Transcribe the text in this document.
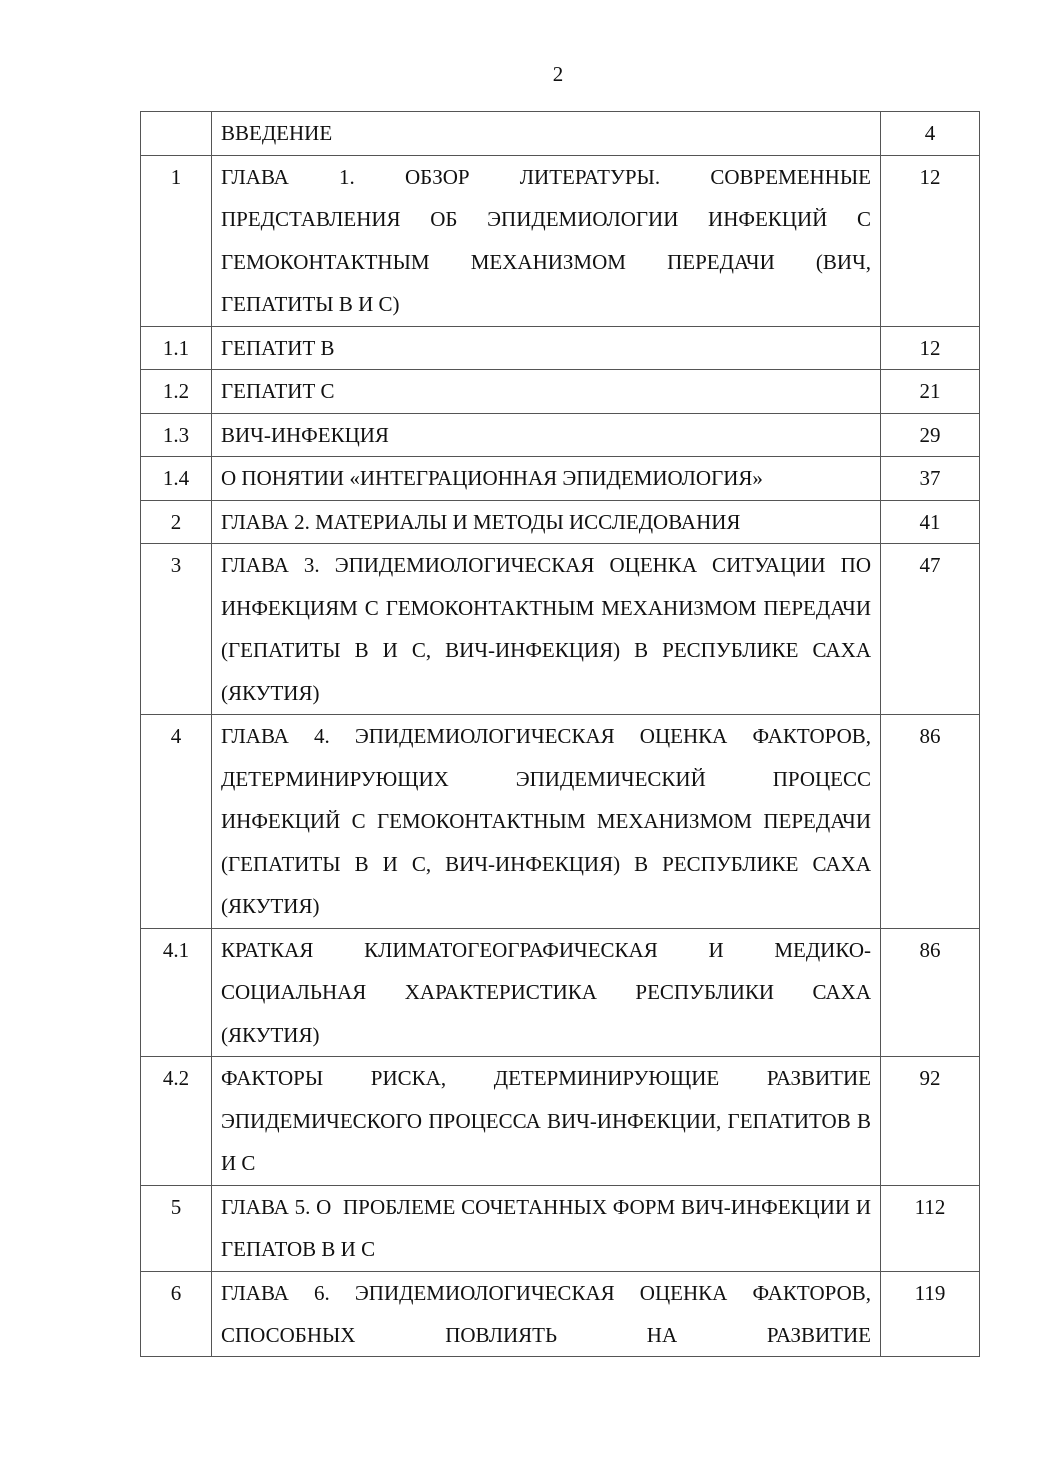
2
	ВВЕДЕНИЕ	4
1	ГЛАВА 1. ОБЗОР ЛИТЕРАТУРЫ. СОВРЕМЕННЫЕ ПРЕДСТАВЛЕНИЯ ОБ ЭПИДЕМИОЛОГИИ ИНФЕКЦИЙ С ГЕМОКОНТАКТНЫМ МЕХАНИЗМОМ ПЕРЕДАЧИ (ВИЧ, ГЕПАТИТЫ В И С)	12
1.1	ГЕПАТИТ В	12
1.2	ГЕПАТИТ С	21
1.3	ВИЧ-ИНФЕКЦИЯ	29
1.4	О ПОНЯТИИ «ИНТЕГРАЦИОННАЯ ЭПИДЕМИОЛОГИЯ»	37
2	ГЛАВА 2. МАТЕРИАЛЫ И МЕТОДЫ ИССЛЕДОВАНИЯ	41
3	ГЛАВА 3. ЭПИДЕМИОЛОГИЧЕСКАЯ ОЦЕНКА СИТУАЦИИ ПО ИНФЕКЦИЯМ С ГЕМОКОНТАКТНЫМ МЕХАНИЗМОМ ПЕРЕДАЧИ (ГЕПАТИТЫ В И С, ВИЧ-ИНФЕКЦИЯ) В РЕСПУБЛИКЕ САХА (ЯКУТИЯ)	47
4	ГЛАВА 4. ЭПИДЕМИОЛОГИЧЕСКАЯ ОЦЕНКА ФАКТОРОВ, ДЕТЕРМИНИРУЮЩИХ ЭПИДЕМИЧЕСКИЙ ПРОЦЕСС ИНФЕКЦИЙ С ГЕМОКОНТАКТНЫМ МЕХАНИЗМОМ ПЕРЕДАЧИ (ГЕПАТИТЫ В И С, ВИЧ-ИНФЕКЦИЯ) В РЕСПУБЛИКЕ САХА (ЯКУТИЯ)	86
4.1	КРАТКАЯ КЛИМАТОГЕОГРАФИЧЕСКАЯ И МЕДИКО-СОЦИАЛЬНАЯ ХАРАКТЕРИСТИКА РЕСПУБЛИКИ САХА (ЯКУТИЯ)	86
4.2	ФАКТОРЫ РИСКА, ДЕТЕРМИНИРУЮЩИЕ РАЗВИТИЕ ЭПИДЕМИЧЕСКОГО ПРОЦЕССА ВИЧ-ИНФЕКЦИИ, ГЕПАТИТОВ В И С	92
5	ГЛАВА 5. О  ПРОБЛЕМЕ СОЧЕТАННЫХ ФОРМ ВИЧ-ИНФЕКЦИИ И ГЕПАТОВ В И С	112
6	ГЛАВА 6. ЭПИДЕМИОЛОГИЧЕСКАЯ ОЦЕНКА ФАКТОРОВ, СПОСОБНЫХ ПОВЛИЯТЬ НА РАЗВИТИЕ	119
